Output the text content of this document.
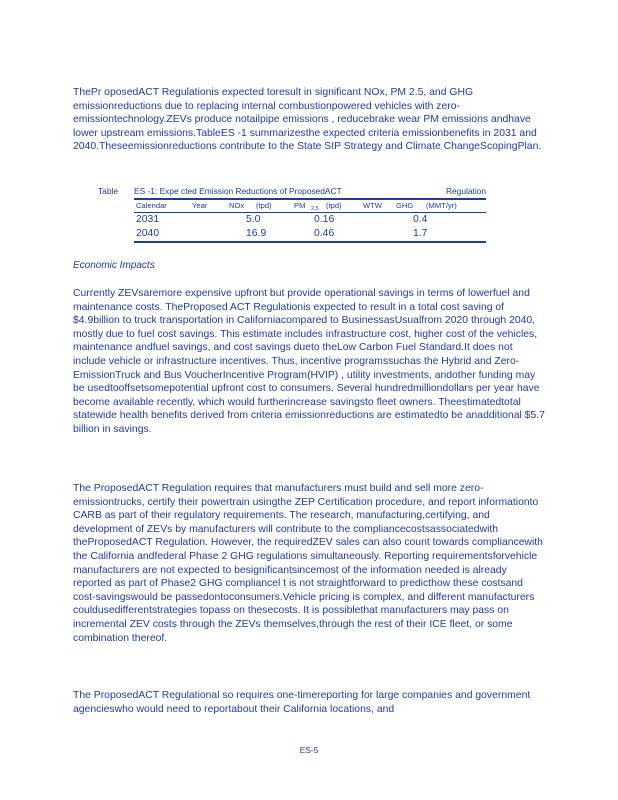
ThePr oposedACT Regulationis expected toresult in significant NOx, PM 2.5, and GHG emissionreductions due to replacing internal combustionpowered vehicles with zero-emissiontechnology.ZEVs produce notailpipe emissions , reducebrake wear PM emissions andhave lower upstream emissions.TableES -1 summarizesthe expected criteria emissionbenefits in 2031 and 2040.Theseemissionreductions contribute to the State SIP Strategy and Climate ChangeScopingPlan.

Table ES -1: Expe cted Emission Reductions of ProposedACT	Regulation
Calendar	Year	NOx (tpd)	PM 2.5 (tpd)	WTW GHG (MMT/yr)
2031	5.0	0.16	0.4
2040	16.9	0.46	1.7

Economic Impacts

Currently ZEVsaremore expensive upfront but provide operational savings in terms of lowerfuel and maintenance costs. TheProposed ACT Regulationis expected to result in a total cost saving of $4.9billion to truck transportation in Californiacompared to BusinessasUsualfrom 2020 through 2040, mostly due to fuel cost savings. This estimate includes infrastructure cost, higher cost of the vehicles, maintenance andfuel savings, and cost savings dueto theLow Carbon Fuel Standard.It does not include vehicle or infrastructure incentives. Thus, incentive programssuchas the Hybrid and Zero-EmissionTruck and Bus VoucherIncentive Program(HVIP) , utility investments, andother funding may be usedtooffsetsomepotential upfront cost to consumers. Several hundredmilliondollars per year have become available recently, which would furtherincrease savingsto fleet owners. Theestimatedtotal statewide health benefits derived from criteria emissionreductions are estimatedto be anadditional $5.7 billion in savings.

The ProposedACT Regulation requires that manufacturers must build and sell more zero-emissiontrucks, certify their powertrain usingthe ZEP Certification procedure, and report informationto CARB as part of their regulatory requirements. The research, manufacturing,certifying, and development of ZEVs by manufacturers will contribute to the compliancecostsassociatedwith theProposedACT Regulation. However, the requiredZEV sales can also count towards compliancewith the California andfederal Phase 2 GHG regulations simultaneously. Reporting requirementsforvehicle manufacturers are not expected to besignificantsincemost of the information needed is already reported as part of Phase2 GHG compliancel t is not straightforward to predicthow these costsand cost-savingswould be passedontoconsumers.Vehicle pricing is complex, and different manufacturers couldusedifferentstrategies topass on thesecosts. It is possiblethat manufacturers may pass on incremental ZEV costs through the ZEVs themselves,through the rest of their ICE fleet, or some combination thereof.

The ProposedACT Regulational so requires one-timereporting for large companies and government agencieswho would need to reportabout their California locations, and

ES-5
